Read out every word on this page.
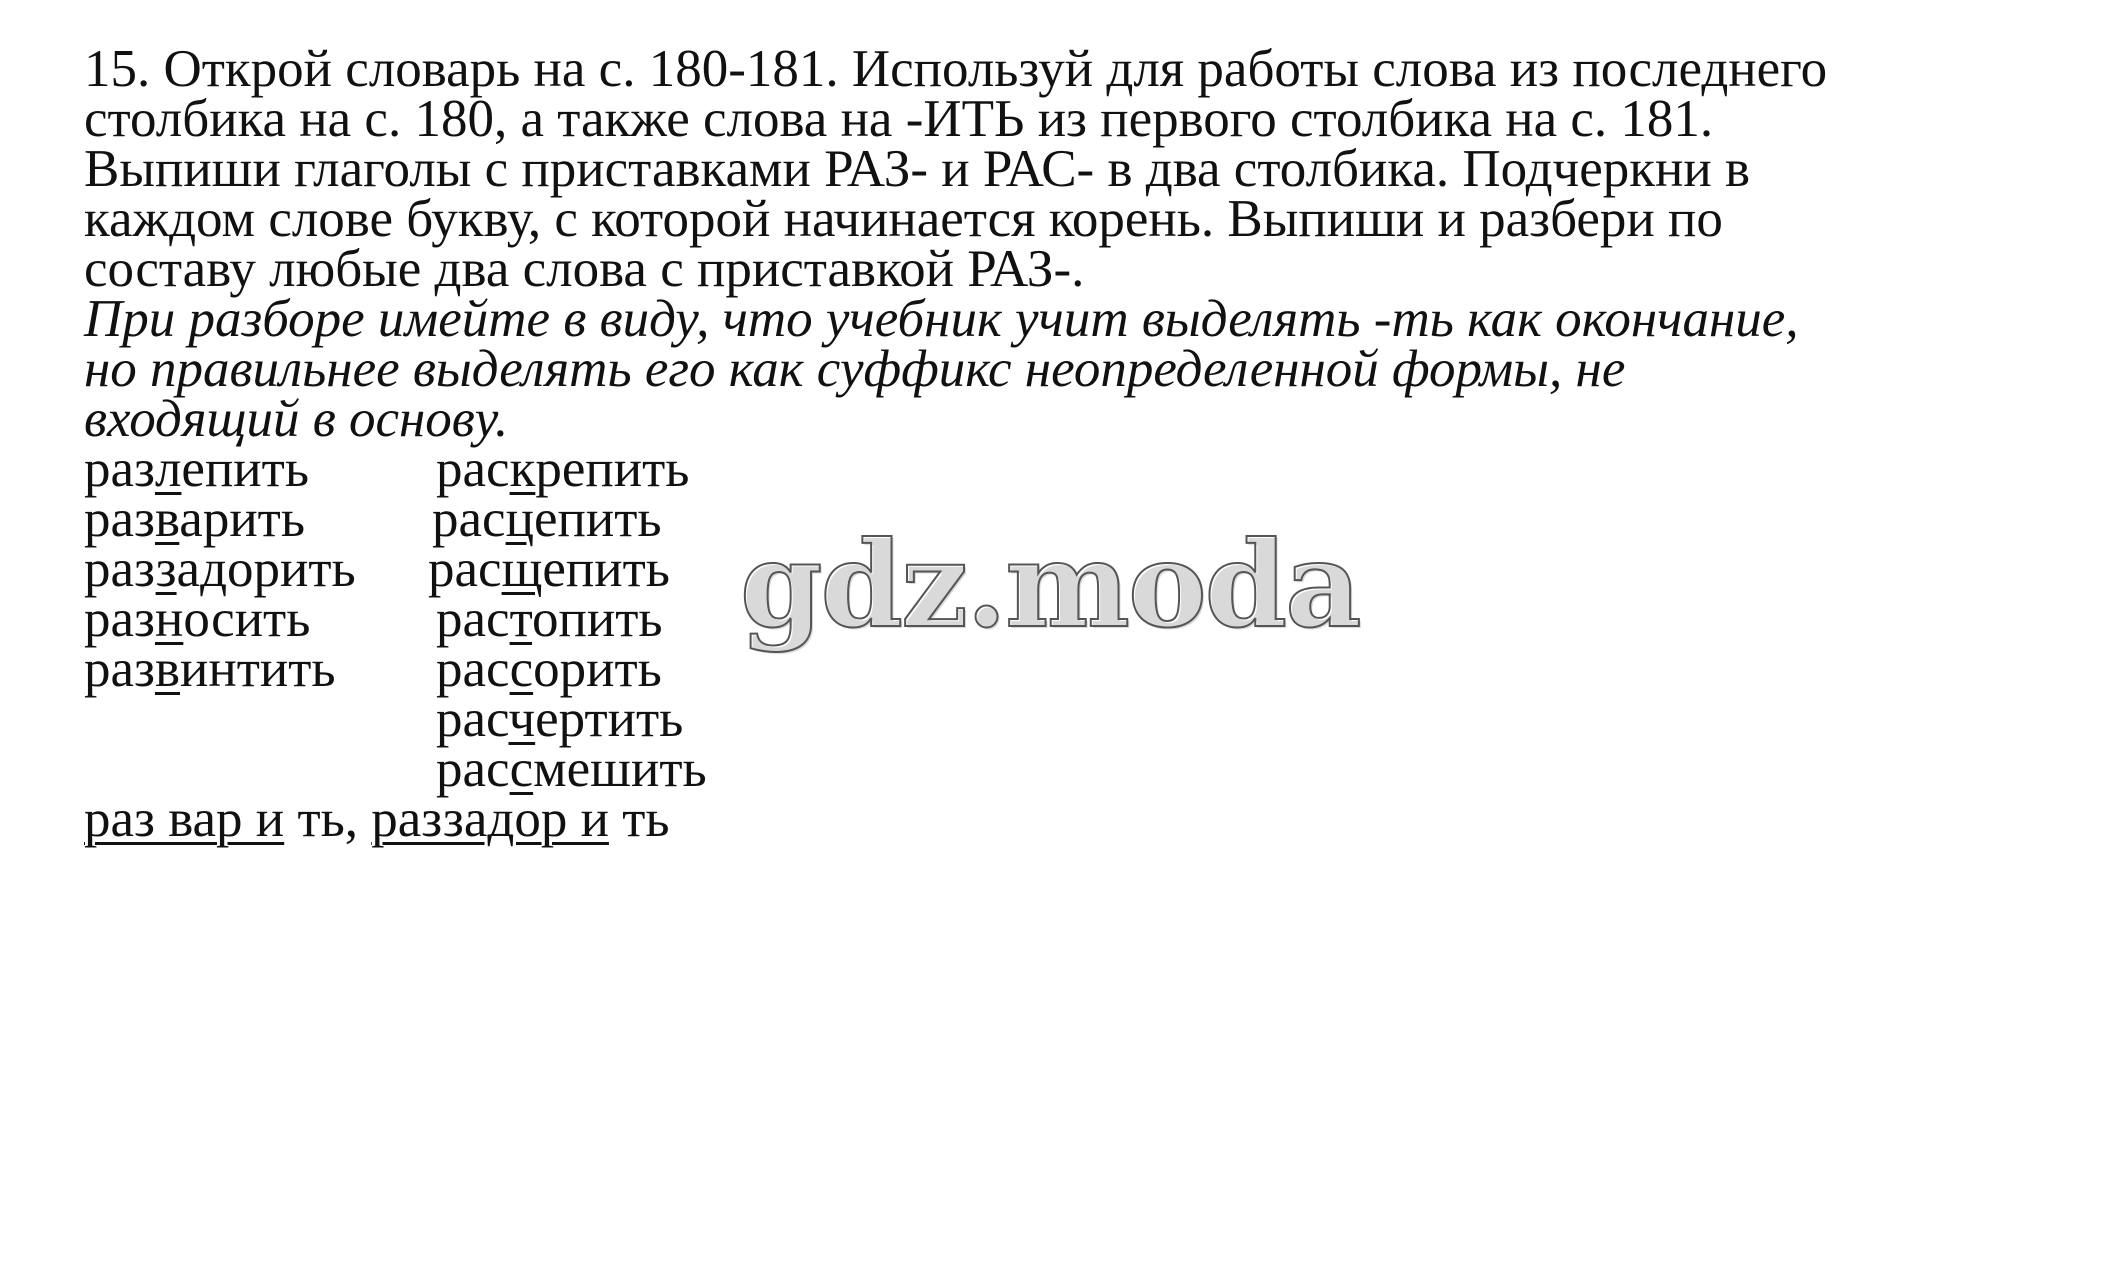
15. Открой словарь на с. 180-181. Используй для работы слова из последнего
столбика на с. 180, а также слова на -ИТЬ из первого столбика на с. 181.
Выпиши глаголы с приставками РАЗ- и РАС- в два столбика. Подчеркни в
каждом слове букву, с которой начинается корень. Выпиши и разбери по
составу любые два слова с приставкой РАЗ-.
При разборе имейте в виду, что учебник учит выделять -ть как окончание,
но правильнее выделять его как суффикс неопределенной формы, не
входящий в основу.
разлепить
разварить
раззадорить
разносить
развинтить
раскрепить
расцепить
расщепить
растопить
рассорить
расчертить
рассмешить
раз вар и ть, раззадор и ть
gdz.moda
